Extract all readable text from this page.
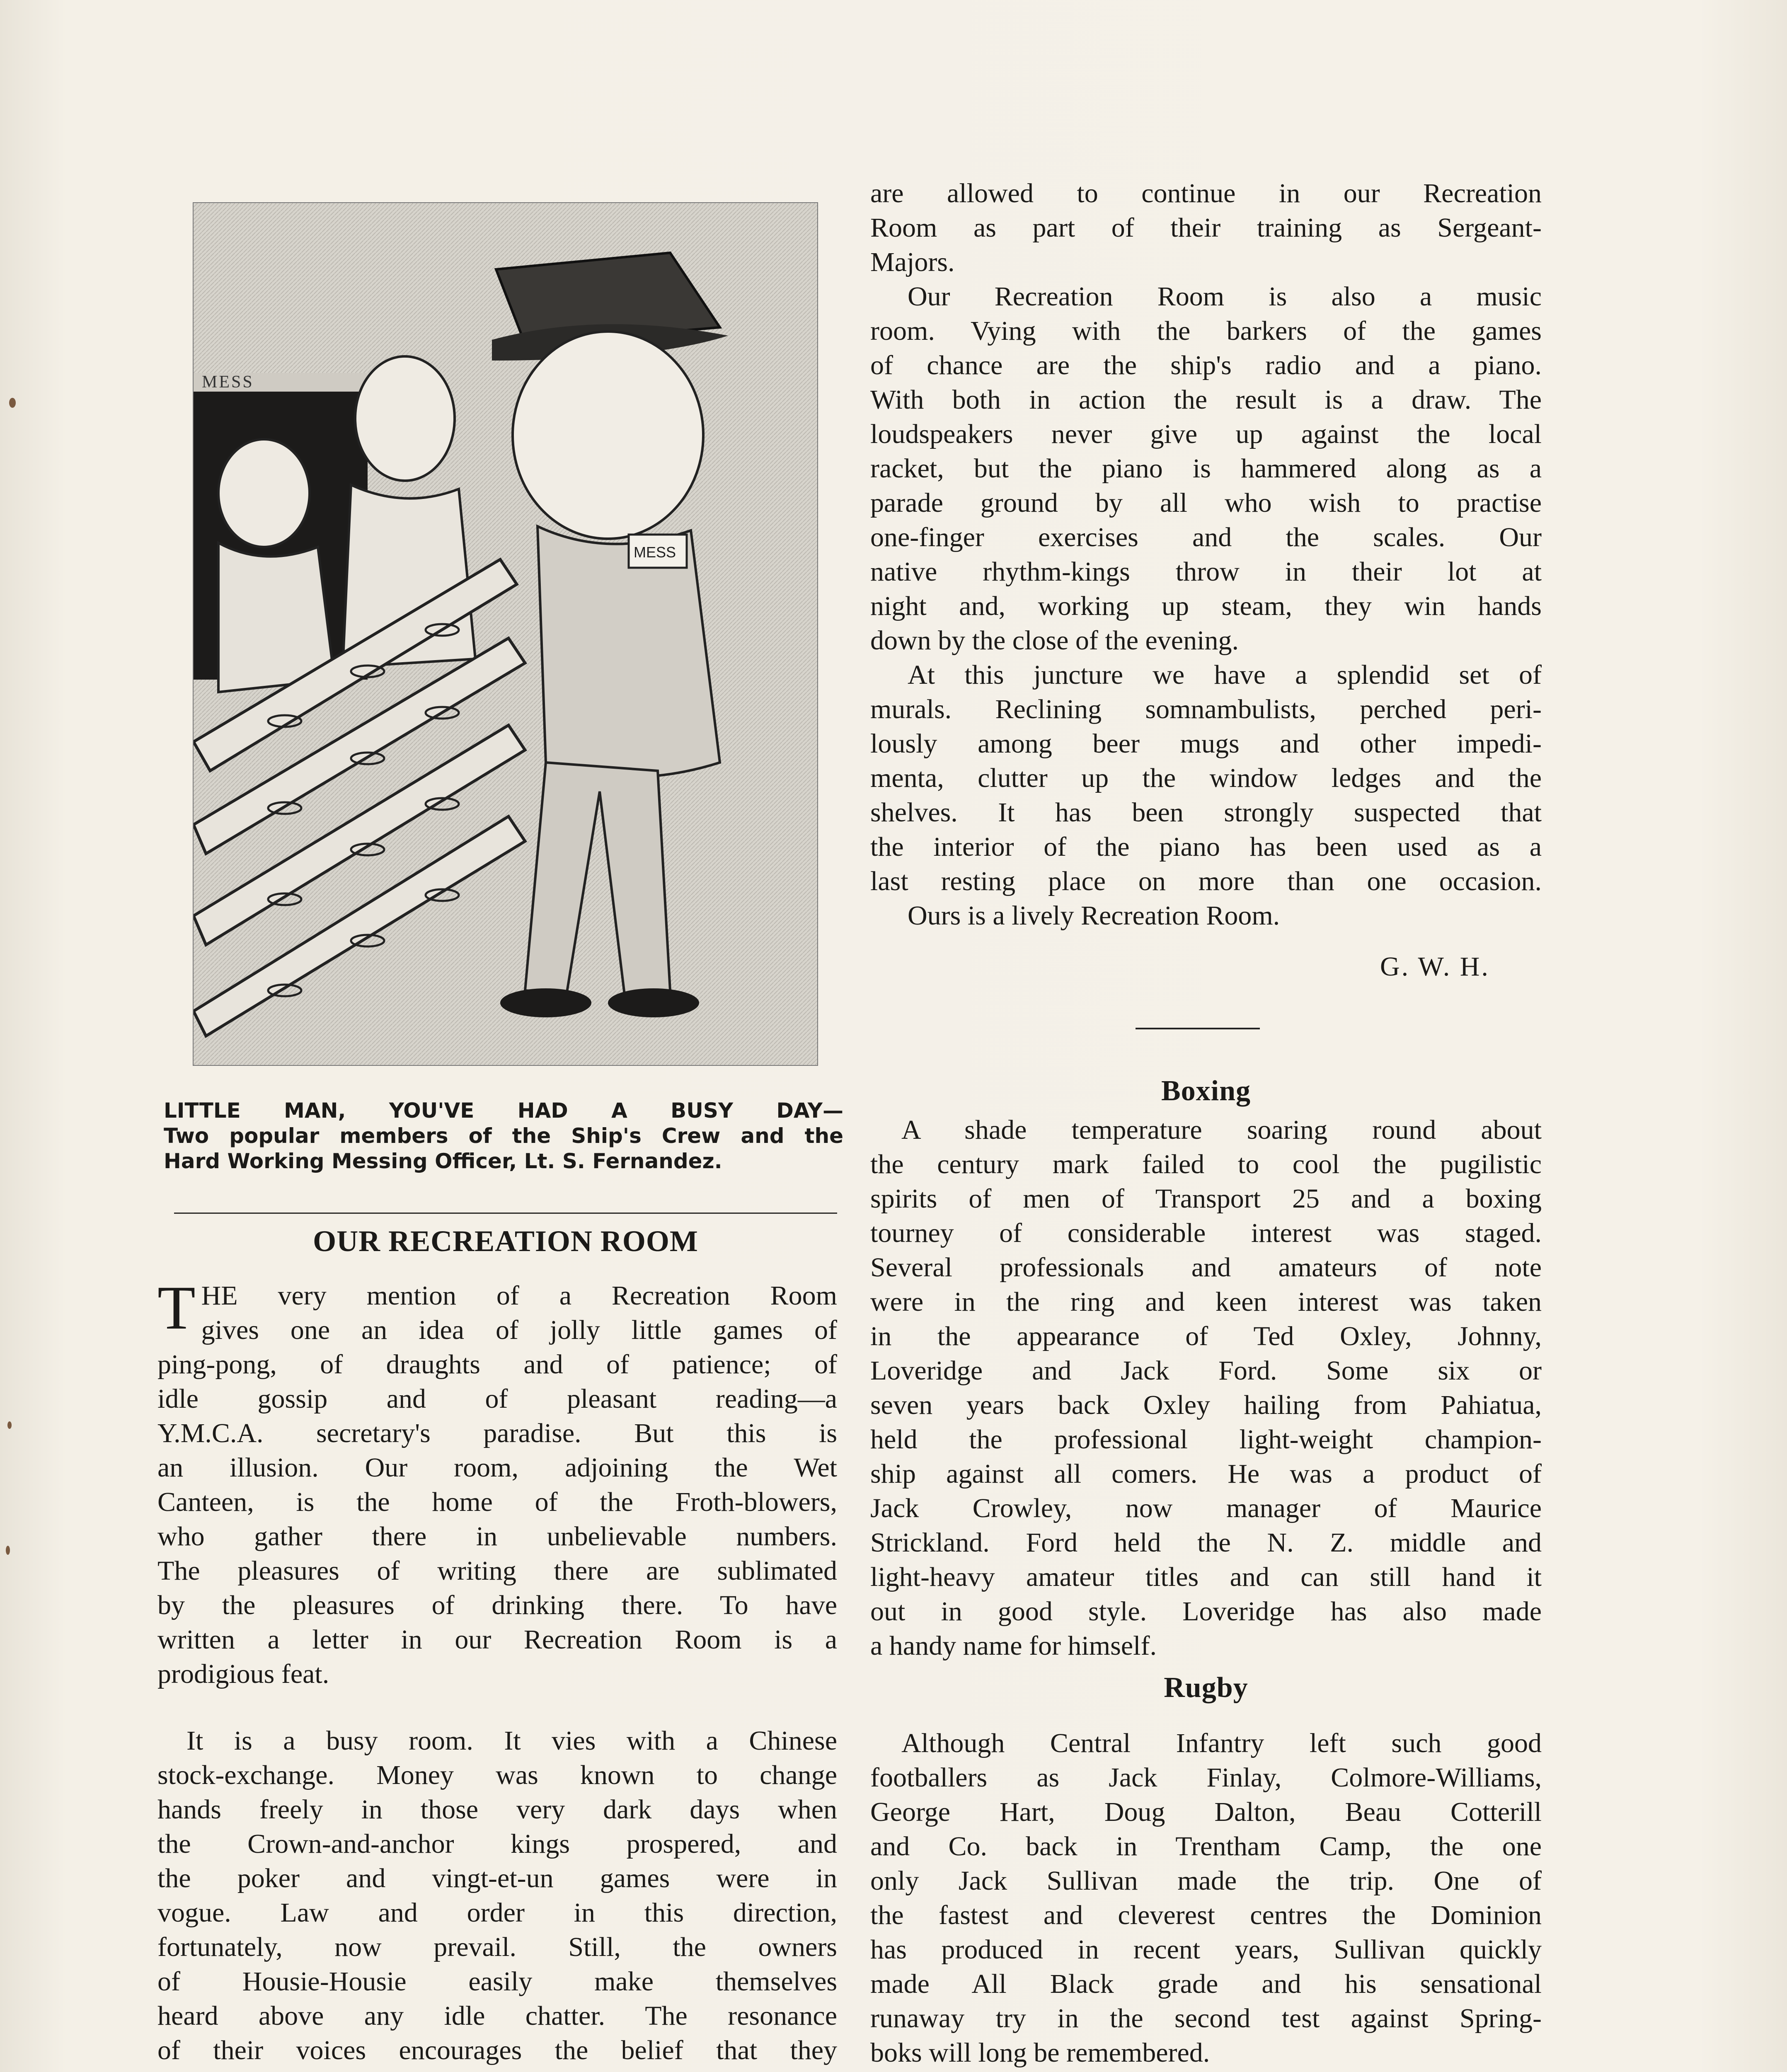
MESS
MESS
LITTLE MAN, YOU'VE HAD A BUSY DAY—
Two popular members of the Ship's Crew and the
Hard Working Messing Officer, Lt. S. Fernandez.
OUR RECREATION ROOM
T HE very mention of a Recreation Room
gives one an idea of jolly little games of
ping-pong, of draughts and of patience; of
idle gossip and of pleasant reading—a
Y.M.C.A. secretary's paradise. But this is
an illusion. Our room, adjoining the Wet
Canteen, is the home of the Froth-blowers,
who gather there in unbelievable numbers.
The pleasures of writing there are sublimated
by the pleasures of drinking there. To have
written a letter in our Recreation Room is a
prodigious feat.
It is a busy room. It vies with a Chinese
stock-exchange. Money was known to change
hands freely in those very dark days when
the Crown-and-anchor kings prospered, and
the poker and vingt-et-un games were in
vogue. Law and order in this direction,
fortunately, now prevail. Still, the owners
of Housie-Housie easily make themselves
heard above any idle chatter. The resonance
of their voices encourages the belief that they
are allowed to continue in our Recreation
Room as part of their training as Sergeant-
Majors.
Our Recreation Room is also a music
room. Vying with the barkers of the games
of chance are the ship's radio and a piano.
With both in action the result is a draw. The
loudspeakers never give up against the local
racket, but the piano is hammered along as a
parade ground by all who wish to practise
one-finger exercises and the scales. Our
native rhythm-kings throw in their lot at
night and, working up steam, they win hands
down by the close of the evening.
At this juncture we have a splendid set of
murals. Reclining somnambulists, perched peri-
lously among beer mugs and other impedi-
menta, clutter up the window ledges and the
shelves. It has been strongly suspected that
the interior of the piano has been used as a
last resting place on more than one occasion.
Ours is a lively Recreation Room.
G. W. H.
Boxing
A shade temperature soaring round about
the century mark failed to cool the pugilistic
spirits of men of Transport 25 and a boxing
tourney of considerable interest was staged.
Several professionals and amateurs of note
were in the ring and keen interest was taken
in the appearance of Ted Oxley, Johnny,
Loveridge and Jack Ford. Some six or
seven years back Oxley hailing from Pahiatua,
held the professional light-weight champion-
ship against all comers. He was a product of
Jack Crowley, now manager of Maurice
Strickland. Ford held the N. Z. middle and
light-heavy amateur titles and can still hand it
out in good style. Loveridge has also made
a handy name for himself.
Rugby
Although Central Infantry left such good
footballers as Jack Finlay, Colmore-Williams,
George Hart, Doug Dalton, Beau Cotterill
and Co. back in Trentham Camp, the one
only Jack Sullivan made the trip. One of
the fastest and cleverest centres the Dominion
has produced in recent years, Sullivan quickly
made All Black grade and his sensational
runaway try in the second test against Spring-
boks will long be remembered.
